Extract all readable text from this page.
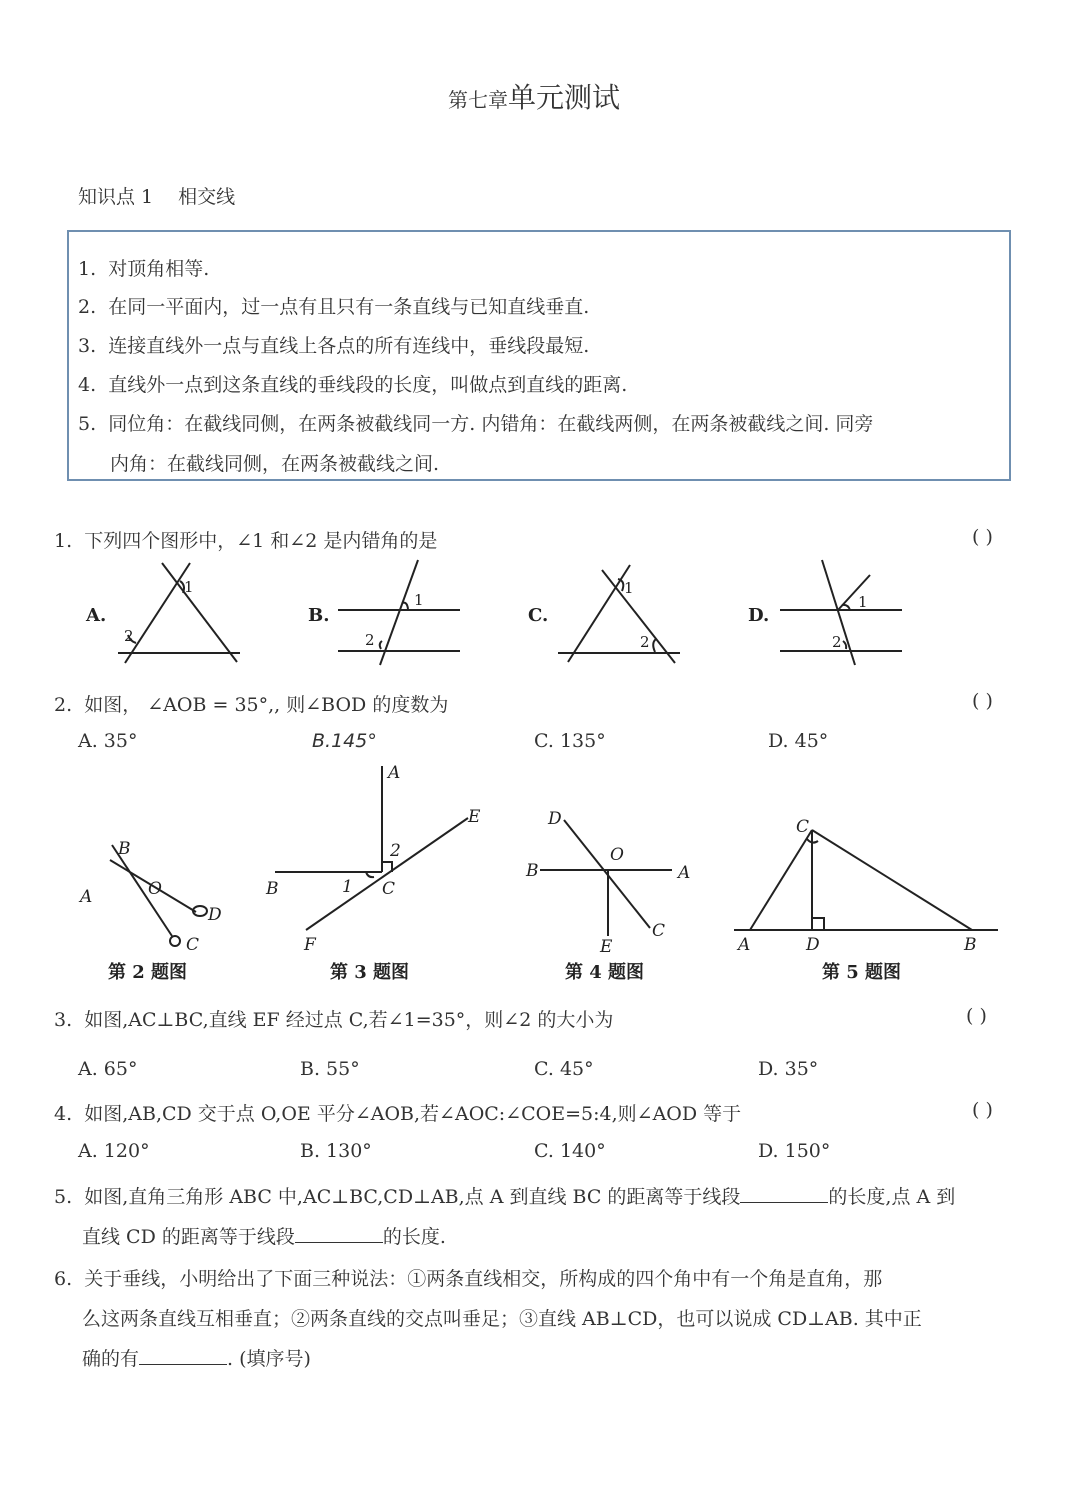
第七章单元测试
知识点 1　 相交线
1. 对顶角相等.
2. 在同一平面内，过一点有且只有一条直线与已知直线垂直.
3. 连接直线外一点与直线上各点的所有连线中，垂线段最短.
4. 直线外一点到这条直线的垂线段的长度，叫做点到直线的距离.
5. 同位角：在截线同侧，在两条被截线同一方. 内错角：在截线两侧，在两条被截线之间. 同旁
内角：在截线同侧，在两条被截线之间.
1. 下列四个图形中，∠1 和∠2 是内错角的是	( )
A.	B.	C.	D.
1
2
1
2
1
2
1
2
2. 如图， ∠AOB = 35°,, 则∠BOD 的度数为	( )
A. 35°	B.145°	C. 135°	D. 45°
B
A	O
D
C
A
E
2
B	1 C
F
D
O
B	A
E
C
C
A	D	B
第 2 题图	第 3 题图	第 4 题图	第 5 题图
3. 如图,AC⊥BC,直线 EF 经过点 C,若∠1=35°，则∠2 的大小为	( )
A. 65°	B. 55°	C. 45°	D. 35°
4. 如图,AB,CD 交于点 O,OE 平分∠AOB,若∠AOC:∠COE=5:4,则∠AOD 等于	( )
A. 120°	B. 130°	C. 140°	D. 150°
5. 如图,直角三角形 ABC 中,AC⊥BC,CD⊥AB,点 A 到直线 BC 的距离等于线段	的长度,点 A 到
直线 CD 的距离等于线段	的长度.
6. 关于垂线，小明给出了下面三种说法：①两条直线相交，所构成的四个角中有一个角是直角，那
么这两条直线互相垂直；②两条直线的交点叫垂足；③直线 AB⊥CD，也可以说成 CD⊥AB. 其中正
确的有	. (填序号)
